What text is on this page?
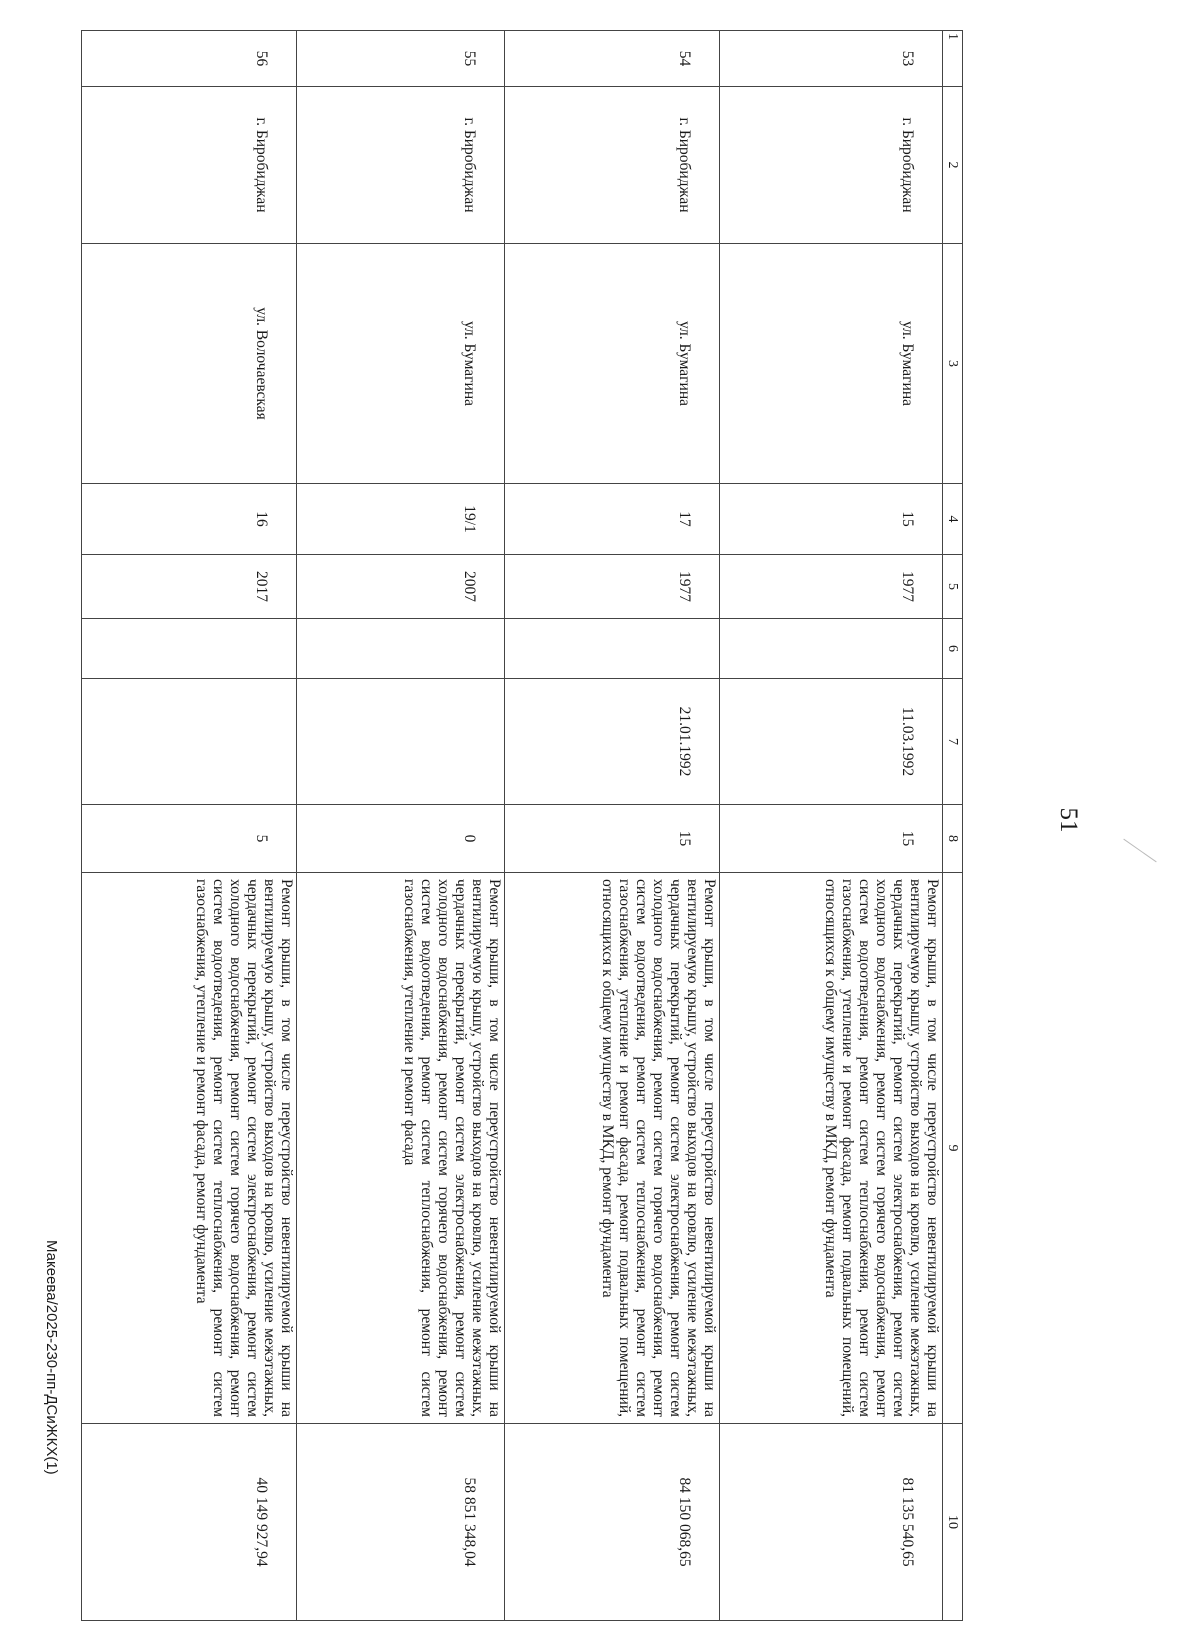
51
1	2	3	4	5	6	7	8	9	10
53	г. Биробиджан	ул. Бумагина	15	1977		11.03.1992	15	Ремонт крыши, в том числе переустройство невентилируемой крыши на вентилируемую крышу, устройство выходов на кровлю, усиление межэтажных, чердачных перекрытий, ремонт систем электроснабжения, ремонт систем холодного водоснабжения, ремонт систем горячего водоснабжения, ремонт систем водоотведения, ремонт систем теплоснабжения, ремонт систем газоснабжения, утепление и ремонт фасада, ремонт подвальных помещений, относящихся к общему имуществу в МКД, ремонт фундамента	81 135 540,65
54	г. Биробиджан	ул. Бумагина	17	1977		21.01.1992	15	Ремонт крыши, в том числе переустройство невентилируемой крыши на вентилируемую крышу, устройство выходов на кровлю, усиление межэтажных, чердачных перекрытий, ремонт систем электроснабжения, ремонт систем холодного водоснабжения, ремонт систем горячего водоснабжения, ремонт систем водоотведения, ремонт систем теплоснабжения, ремонт систем газоснабжения, утепление и ремонт фасада, ремонт подвальных помещений, относящихся к общему имуществу в МКД, ремонт фундамента	84 150 068,65
55	г. Биробиджан	ул. Бумагина	19/1	2007			0	Ремонт крыши, в том числе переустройство невентилируемой крыши на вентилируемую крышу, устройство выходов на кровлю, усиление межэтажных, чердачных перекрытий, ремонт систем электроснабжения, ремонт систем холодного водоснабжения, ремонт систем горячего водоснабжения, ремонт систем водоотведения, ремонт систем теплоснабжения, ремонт систем газоснабжения, утепление и ремонт фасада	58 851 348,04
56	г. Биробиджан	ул. Волочаевская	16	2017			5	Ремонт крыши, в том числе переустройство невентилируемой крыши на вентилируемую крышу, устройство выходов на кровлю, усиление межэтажных, чердачных перекрытий, ремонт систем электроснабжения, ремонт систем холодного водоснабжения, ремонт систем горячего водоснабжения, ремонт систем водоотведения, ремонт систем теплоснабжения, ремонт систем газоснабжения, утепление и ремонт фасада, ремонт фундамента	40 149 927,94
Макеева/2025-230-пп-ДСиЖКХ(1)
